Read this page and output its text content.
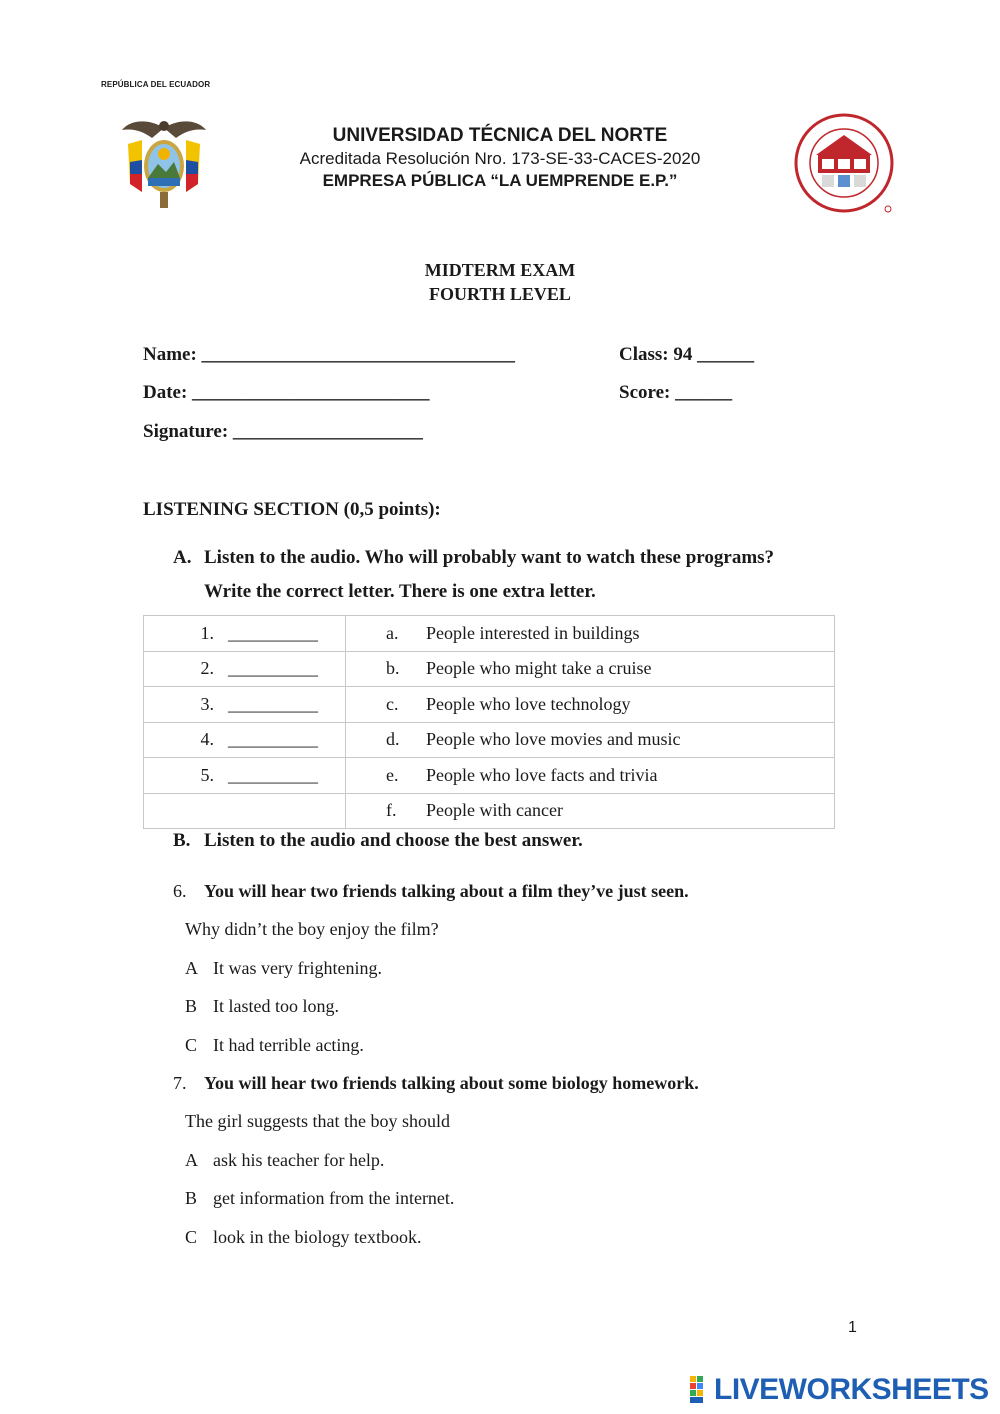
REPÚBLICA DEL ECUADOR
UNIVERSIDAD TÉCNICA DEL NORTE
Acreditada Resolución Nro. 173-SE-33-CACES-2020
EMPRESA PÚBLICA “LA UEMPRENDE E.P.”
MIDTERM EXAM
FOURTH LEVEL
Name: _________________________________	Class: 94 ______
Date: _________________________	Score: ______
Signature: ____________________
LISTENING SECTION (0,5 points):
A. Listen to the audio. Who will probably want to watch these programs?
Write the correct letter. There is one extra letter.
1. __________	a. People interested in buildings
2. __________	b. People who might take a cruise
3. __________	c. People who love technology
4. __________	d. People who love movies and music
5. __________	e. People who love facts and trivia
	f. People with cancer
B. Listen to the audio and choose the best answer.
6. You will hear two friends talking about a film they’ve just seen.
Why didn’t the boy enjoy the film?
A It was very frightening.
B It lasted too long.
C It had terrible acting.
7. You will hear two friends talking about some biology homework.
The girl suggests that the boy should
A ask his teacher for help.
B get information from the internet.
C look in the biology textbook.
1
LIVEWORKSHEETS
